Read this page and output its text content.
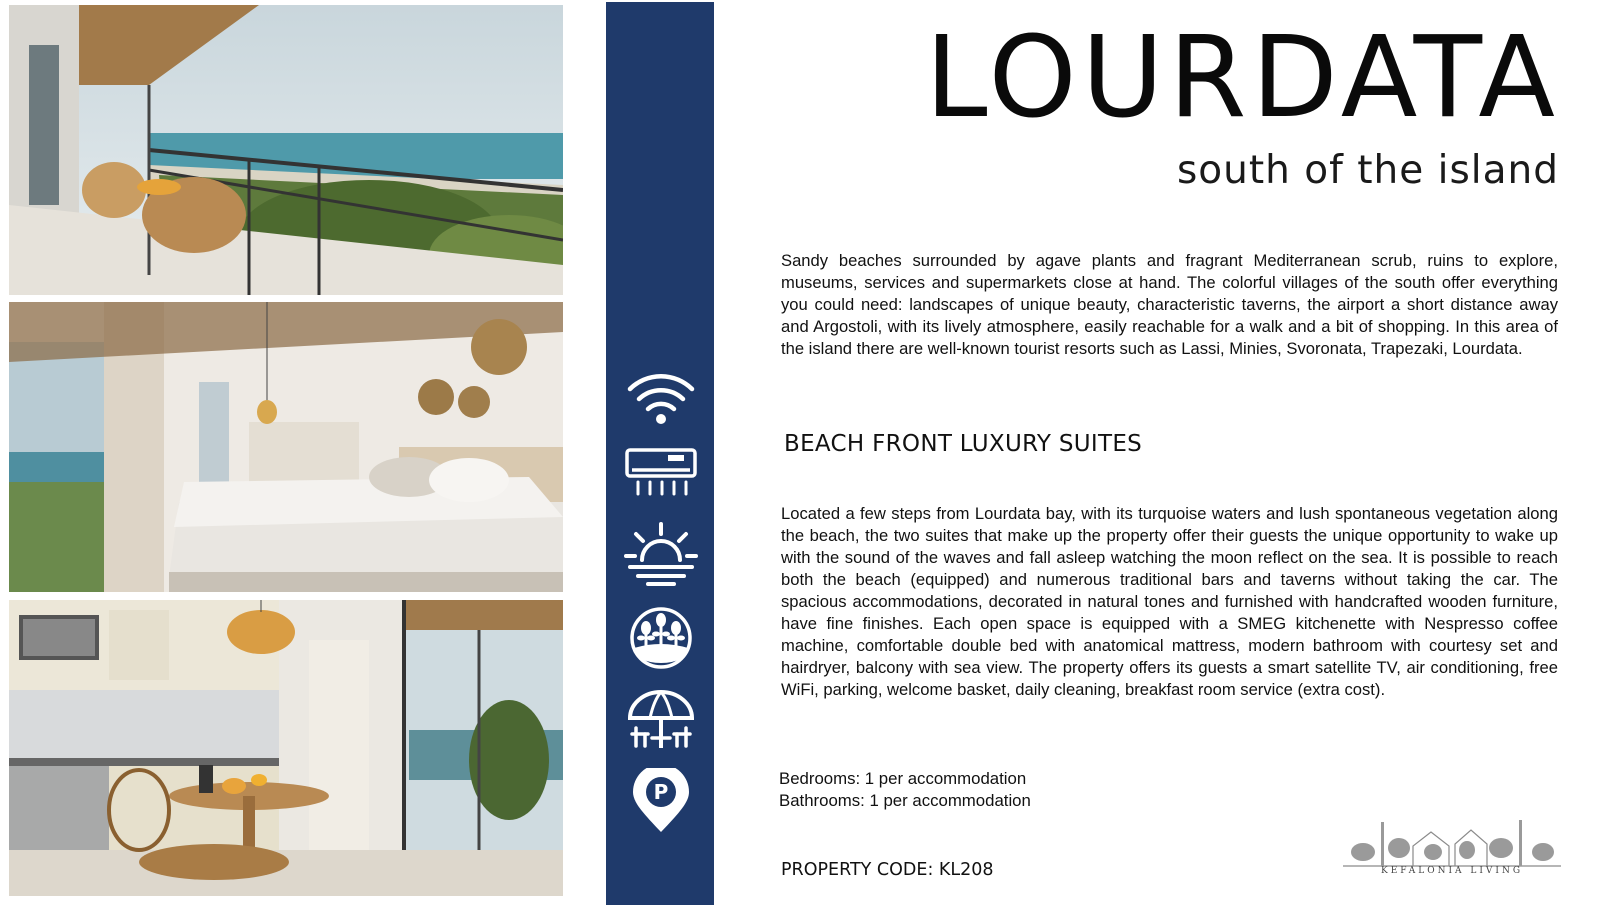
P
LOURDATA
south of the island

Sandy beaches surrounded by agave plants and fragrant Mediterranean scrub, ruins to explore, museums, services and supermarkets close at hand. The colorful villages of the south offer everything you could need: landscapes of unique beauty, characteristic taverns, the airport a short distance away and Argostoli, with its lively atmosphere, easily reachable for a walk and a bit of shopping. In this area of the island there are well-known tourist resorts such as Lassi, Minies, Svoronata, Trapezaki, Lourdata.

BEACH FRONT LUXURY SUITES

Located a few steps from Lourdata bay, with its turquoise waters and lush spontaneous vegetation along the beach, the two suites that make up the property offer their guests the unique opportunity to wake up with the sound of the waves and fall asleep watching the moon reflect on the sea. It is possible to reach both the beach (equipped) and numerous traditional bars and taverns without taking the car. The spacious accommodations, decorated in natural tones and furnished with handcrafted wooden furniture, have fine finishes. Each open space is equipped with a SMEG kitchenette with Nespresso coffee machine, comfortable double bed with anatomical mattress, modern bathroom with courtesy set and hairdryer, balcony with sea view. The property offers its guests a smart satellite TV, air conditioning, free WiFi, parking, welcome basket, daily cleaning, breakfast room service (extra cost).

Bedrooms: 1 per accommodation
Bathrooms: 1 per accommodation
PROPERTY CODE: KL208	KEFALONIA LIVING
